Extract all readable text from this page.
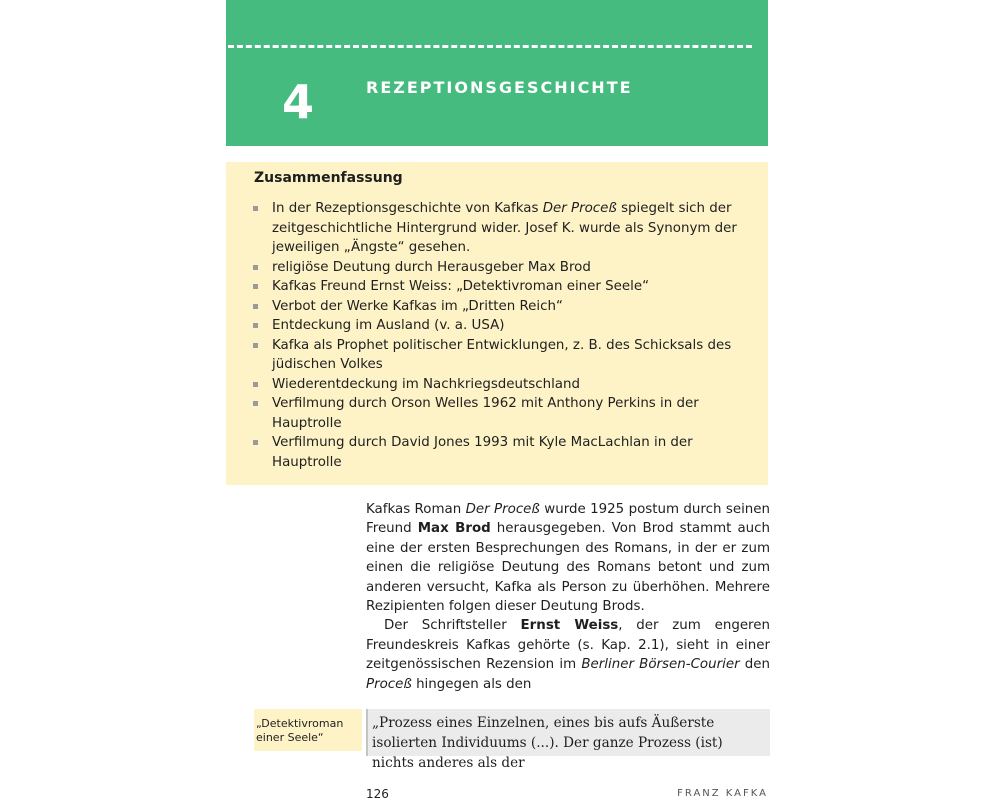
4	REZEPTIONSGESCHICHTE
Zusammenfassung
In der Rezeptionsgeschichte von Kafkas Der Proceß spiegelt sich der zeitgeschichtliche Hintergrund wider. Josef K. wurde als Synonym der jeweiligen „Ängste“ gesehen.
religiöse Deutung durch Herausgeber Max Brod
Kafkas Freund Ernst Weiss: „Detektivroman einer Seele“
Verbot der Werke Kafkas im „Dritten Reich“
Entdeckung im Ausland (v. a. USA)
Kafka als Prophet politischer Entwicklungen, z. B. des Schicksals des jüdischen Volkes
Wiederentdeckung im Nachkriegsdeutschland
Verfilmung durch Orson Welles 1962 mit Anthony Perkins in der Hauptrolle
Verfilmung durch David Jones 1993 mit Kyle MacLachlan in der Hauptrolle

Kafkas Roman Der Proceß wurde 1925 postum durch seinen Freund Max Brod herausgegeben. Von Brod stammt auch eine der ersten Besprechungen des Romans, in der er zum einen die religiöse Deutung des Romans betont und zum anderen versucht, Kafka als Person zu überhöhen. Mehrere Rezipienten folgen dieser Deutung Brods.

Der Schriftsteller Ernst Weiss, der zum engeren Freundeskreis Kafkas gehörte (s. Kap. 2.1), sieht in einer zeitgenössischen Rezension im Berliner Börsen-Courier den Proceß hingegen als den

„Detektivroman einer Seele“
„Prozess eines Einzelnen, eines bis aufs Äußerste isolierten Individuums (...). Der ganze Prozess (ist) nichts anderes als der
126	FRANZ KAFKA
